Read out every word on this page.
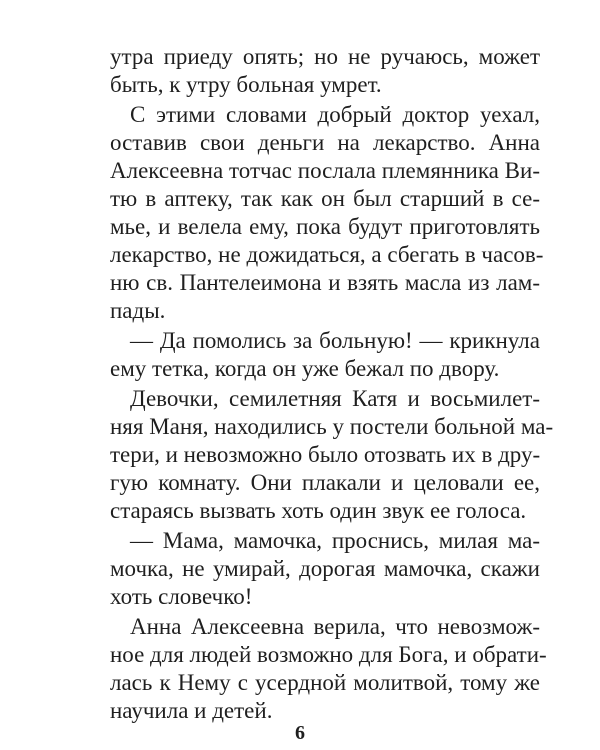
утра приеду опять; но не ручаюсь, может
быть, к утру больная умрет.
С этими словами добрый доктор уехал,
оставив свои деньги на лекарство. Анна
Алексеевна тотчас послала племянника Ви-
тю в аптеку, так как он был старший в се-
мье, и велела ему, пока будут приготовлять
лекарство, не дожидаться, а сбегать в часов-
ню св. Пантелеимона и взять масла из лам-
пады.
— Да помолись за больную! — крикнула
ему тетка, когда он уже бежал по двору.
Девочки, семилетняя Катя и восьмилет-
няя Маня, находились у постели больной ма-
тери, и невозможно было отозвать их в дру-
гую комнату. Они плакали и целовали ее,
стараясь вызвать хоть один звук ее голоса.
— Мама, мамочка, проснись, милая ма-
мочка, не умирай, дорогая мамочка, скажи
хоть словечко!
Анна Алексеевна верила, что невозмож-
ное для людей возможно для Бога, и обрати-
лась к Нему с усердной молитвой, тому же
научила и детей.
6
